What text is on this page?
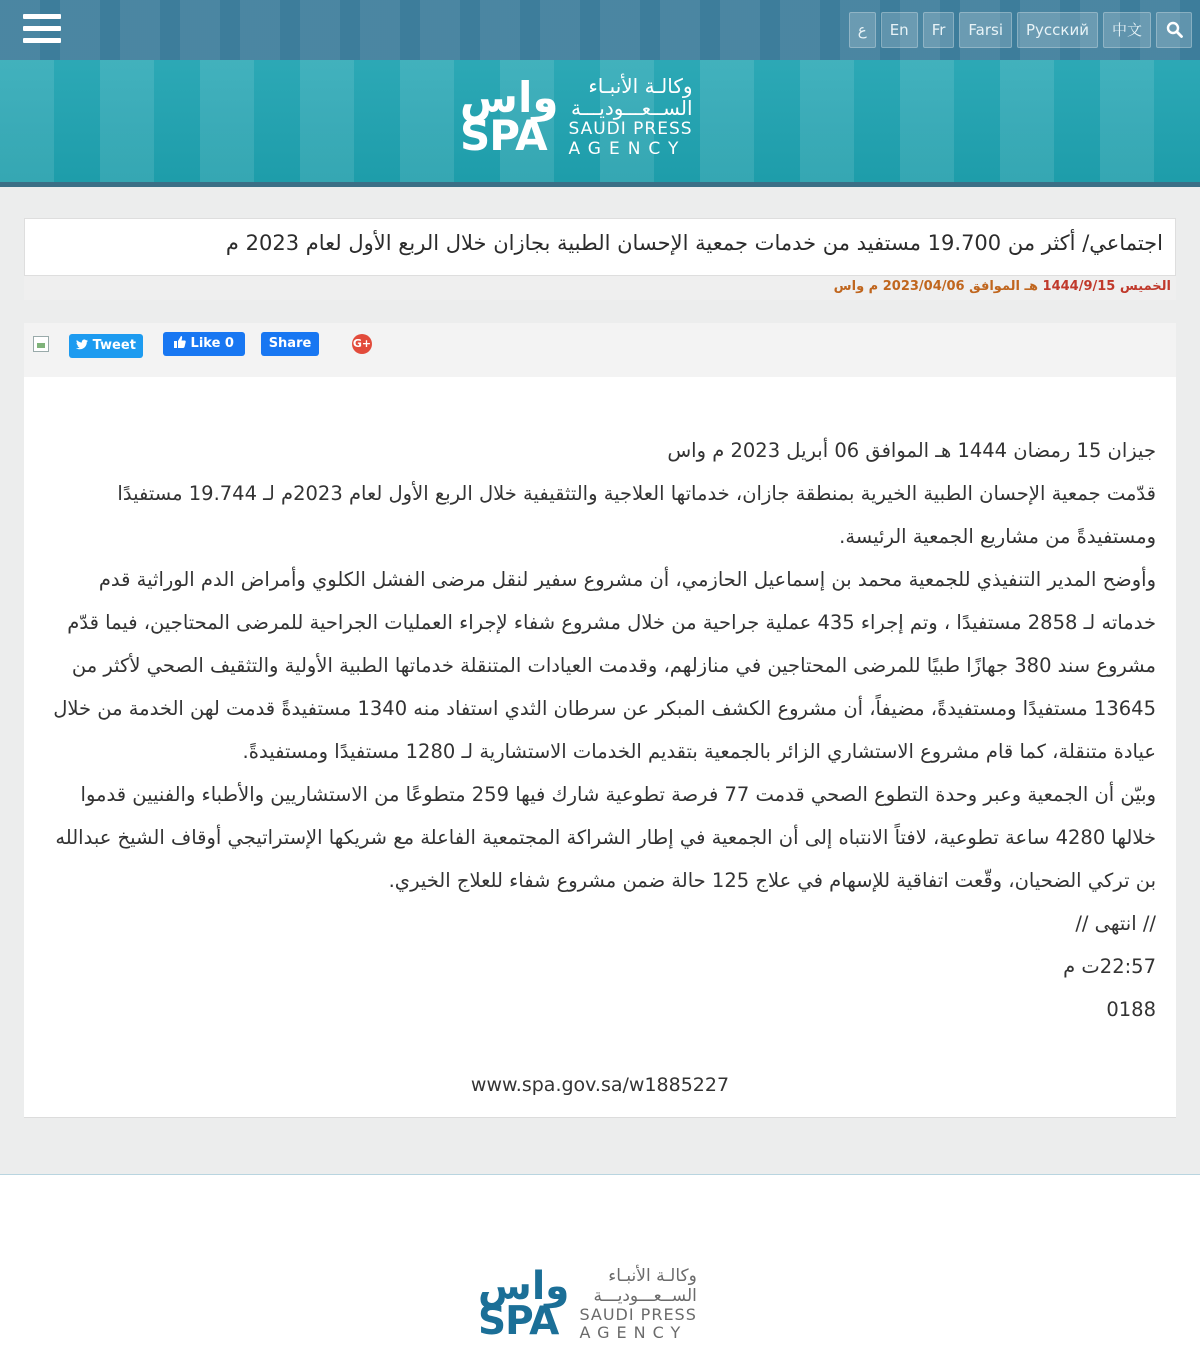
ع	En	Fr	Farsi	Русский	中文
واس
SPA
وكالـة الأنبـاء
الســعـــوديـــة
SAUDI PRESS
AGENCY
اجتماعي/ أكثر من 19.700 مستفيد من خدمات جمعية الإحسان الطبية بجازان خلال الربع الأول لعام 2023 م
الخميس 1444/9/15 هـ الموافق 2023/04/06 م واس
Tweet	Like 0	Share	G+

جيزان 15 رمضان 1444 هـ الموافق 06 أبريل 2023 م واس

قدّمت جمعية الإحسان الطبية الخيرية بمنطقة جازان، خدماتها العلاجية والتثقيفية خلال الربع الأول لعام 2023م لـ 19.744 مستفيدًا ومستفيدةً من مشاريع الجمعية الرئيسة.

وأوضح المدير التنفيذي للجمعية محمد بن إسماعيل الحازمي، أن مشروع سفير لنقل مرضى الفشل الكلوي وأمراض الدم الوراثية قدم خدماته لـ 2858 مستفيدًا ، وتم إجراء 435 عملية جراحية من خلال مشروع شفاء لإجراء العمليات الجراحية للمرضى المحتاجين، فيما قدّم مشروع سند 380 جهازًا طبيًا للمرضى المحتاجين في منازلهم، وقدمت العيادات المتنقلة خدماتها الطبية الأولية والتثقيف الصحي لأكثر من 13645 مستفيدًا ومستفيدةً، مضيفاً، أن مشروع الكشف المبكر عن سرطان الثدي استفاد منه 1340 مستفيدةً قدمت لهن الخدمة من خلال عيادة متنقلة، كما قام مشروع الاستشاري الزائر بالجمعية بتقديم الخدمات الاستشارية لـ 1280 مستفيدًا ومستفيدةً.

وبيّن أن الجمعية وعبر وحدة التطوع الصحي قدمت 77 فرصة تطوعية شارك فيها 259 متطوعًا من الاستشاريين والأطباء والفنيين قدموا خلالها 4280 ساعة تطوعية، لافتاً الانتباه إلى أن الجمعية في إطار الشراكة المجتمعية الفاعلة مع شريكها الإستراتيجي أوقاف الشيخ عبدالله بن تركي الضحيان، وقّعت اتفاقية للإسهام في علاج 125 حالة ضمن مشروع شفاء للعلاج الخيري.

// انتهى //

22:57ت م

0188

www.spa.gov.sa/w1885227
واس
SPA
وكالـة الأنبـاء
الســعـــوديـــة
SAUDI PRESS
AGENCY
